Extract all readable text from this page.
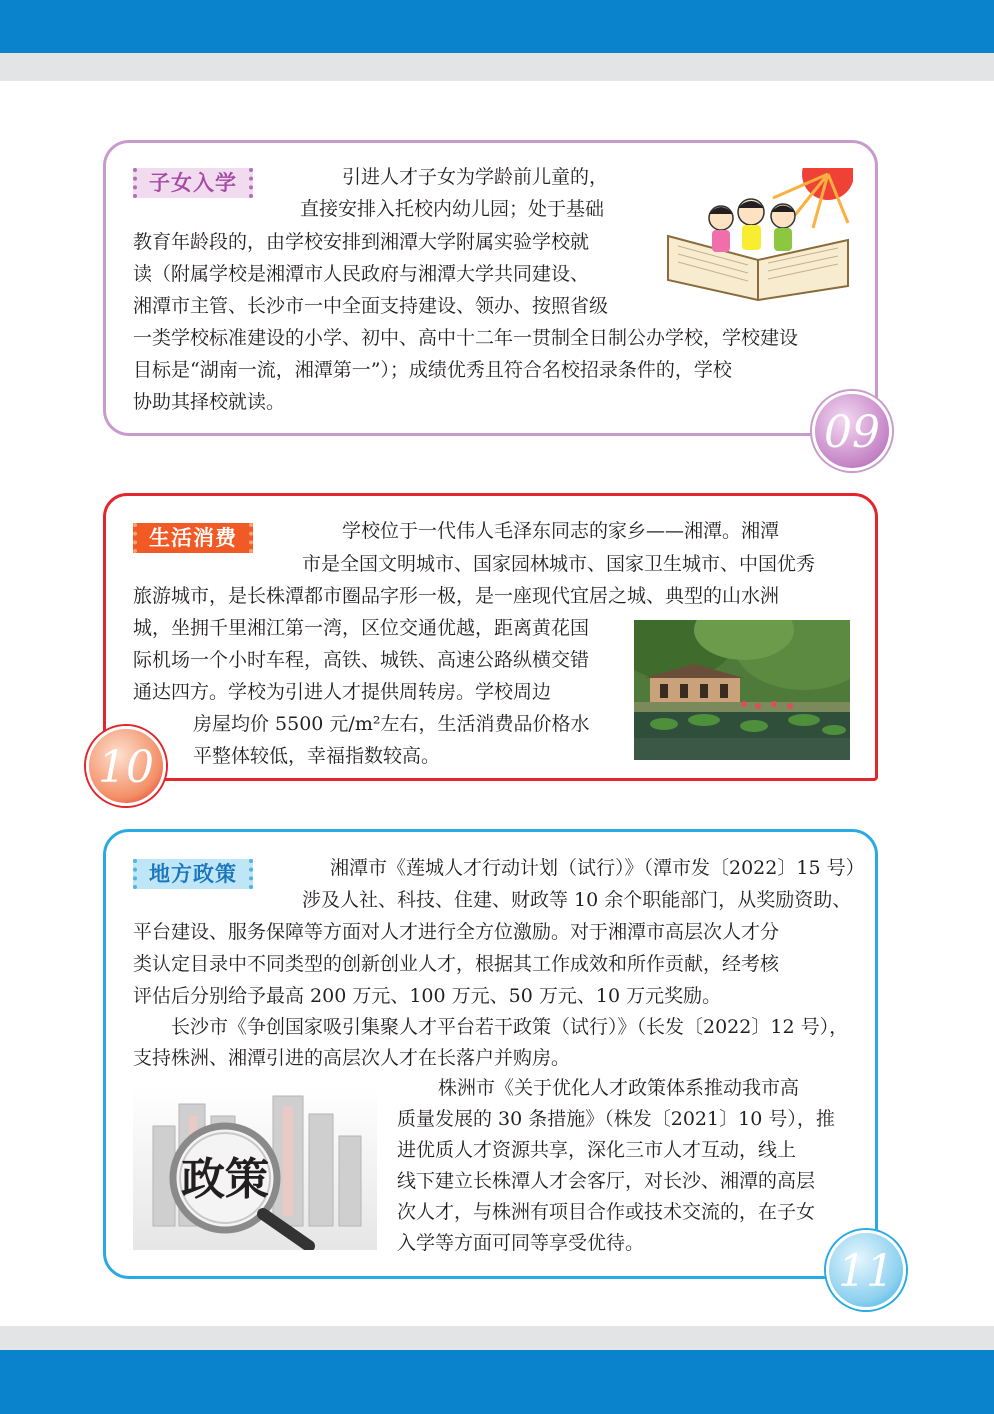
子女入学	引进人才子女为学龄前儿童的，
直接安排入托校内幼儿园；处于基础
教育年龄段的，由学校安排到湘潭大学附属实验学校就
读（附属学校是湘潭市人民政府与湘潭大学共同建设、
湘潭市主管、长沙市一中全面支持建设、领办、按照省级
一类学校标准建设的小学、初中、高中十二年一贯制全日制公办学校，学校建设
目标是“湖南一流，湘潭第一”）；成绩优秀且符合名校招录条件的，学校
协助其择校就读。
09
生活消费	学校位于一代伟人毛泽东同志的家乡——湘潭。湘潭
市是全国文明城市、国家园林城市、国家卫生城市、中国优秀
旅游城市，是长株潭都市圈品字形一极，是一座现代宜居之城、典型的山水洲
城，坐拥千里湘江第一湾，区位交通优越，距离黄花国
际机场一个小时车程，高铁、城铁、高速公路纵横交错
通达四方。学校为引进人才提供周转房。学校周边
房屋均价 5500 元/m²左右，生活消费品价格水
平整体较低，幸福指数较高。
10
地方政策	湘潭市《莲城人才行动计划（试行）》（潭市发〔2022〕15 号）
涉及人社、科技、住建、财政等 10 余个职能部门，从奖励资助、
平台建设、服务保障等方面对人才进行全方位激励。对于湘潭市高层次人才分
类认定目录中不同类型的创新创业人才，根据其工作成效和所作贡献，经考核
评估后分别给予最高 200 万元、100 万元、50 万元、10 万元奖励。
长沙市《争创国家吸引集聚人才平台若干政策（试行）》（长发〔2022〕12 号），
支持株洲、湘潭引进的高层次人才在长落户并购房。
株洲市《关于优化人才政策体系推动我市高
质量发展的 30 条措施》（株发〔2021〕10 号），推
进优质人才资源共享，深化三市人才互动，线上
线下建立长株潭人才会客厅，对长沙、湘潭的高层
次人才，与株洲有项目合作或技术交流的，在子女
入学等方面可同等享受优待。
政策
11
